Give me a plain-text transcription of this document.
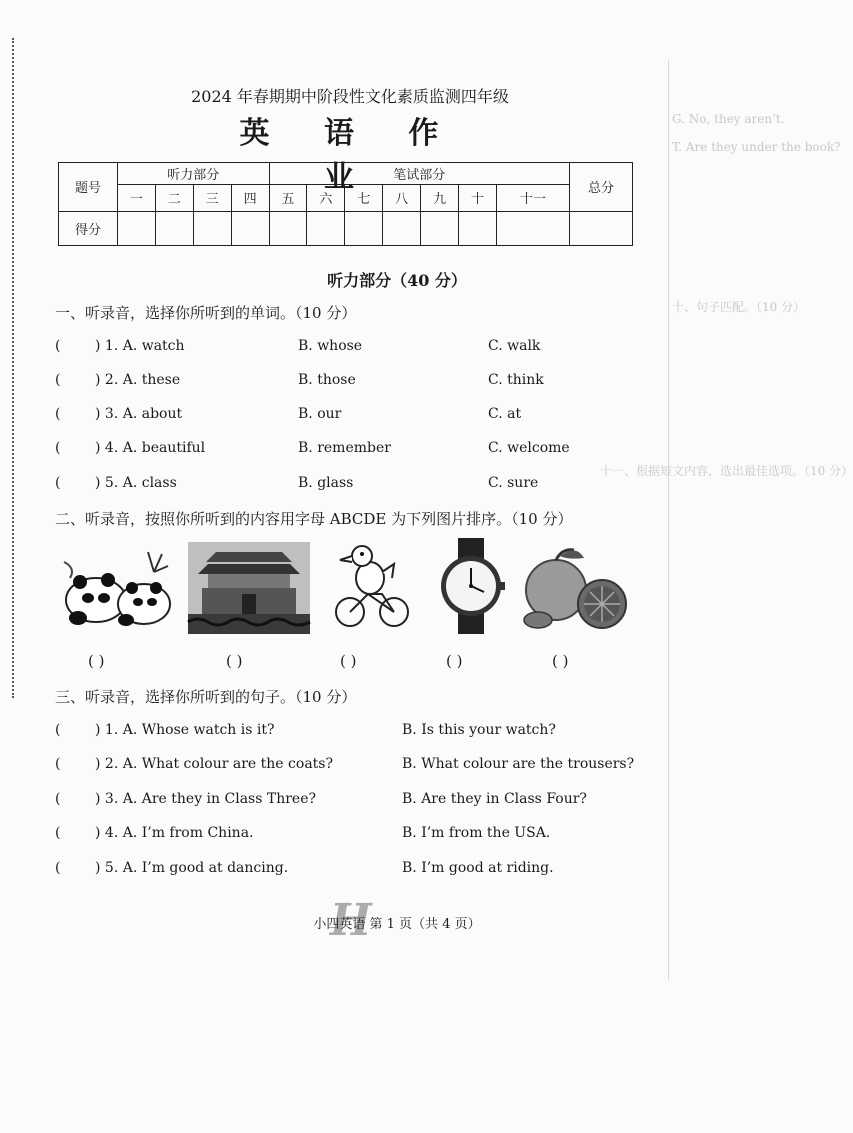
G. No, they aren’t.
T. Are they under the book?
十、句子匹配。（10 分）
十一、根据短文内容，选出最佳选项。（10 分）
2024 年春期期中阶段性文化素质监测四年级
英 语 作 业
题号	听力部分				笔试部分							总分
	一	二	三	四	五	六	七	八	九	十	十一	
得分												
听力部分（40 分）
一、听录音，选择你所听到的单词。（10 分）
( ) 1. A. watch	B. whose	C. walk
( ) 2. A. these	B. those	C. think
( ) 3. A. about	B. our	C. at
( ) 4. A. beautiful	B. remember	C. welcome
( ) 5. A. class	B. glass	C. sure
二、听录音，按照你所听到的内容用字母 ABCDE 为下列图片排序。（10 分）
( )	( )	( )	( )	( )
三、听录音，选择你所听到的句子。（10 分）
( ) 1. A. Whose watch is it?	B. Is this your watch?
( ) 2. A. What colour are the coats?	B. What colour are the trousers?
( ) 3. A. Are they in Class Three?	B. Are they in Class Four?
( ) 4. A. I’m from China.	B. I’m from the USA.
( ) 5. A. I’m good at dancing.	B. I’m good at riding.
H
小四英语 第 1 页（共 4 页）
